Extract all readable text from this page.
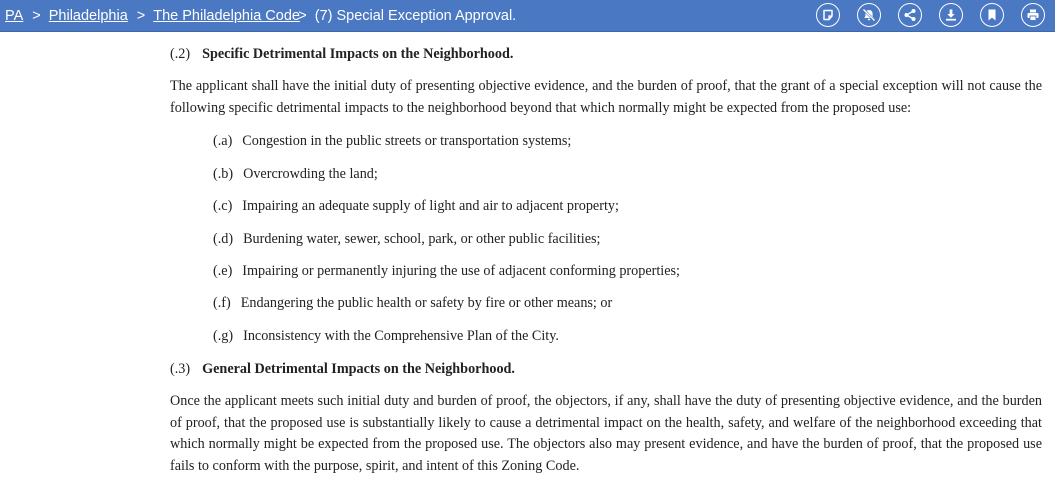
PA > Philadelphia > The Philadelphia Code
> (7) Special Exception Approval.
(.2) Specific Detrimental Impacts on the Neighborhood.

The applicant shall have the initial duty of presenting objective evidence, and the burden of proof, that the grant of a special exception will not cause the following specific detrimental impacts to the neighborhood beyond that which normally might be expected from the proposed use:

(.a) Congestion in the public streets or transportation systems;
(.b) Overcrowding the land;
(.c) Impairing an adequate supply of light and air to adjacent property;
(.d) Burdening water, sewer, school, park, or other public facilities;
(.e) Impairing or permanently injuring the use of adjacent conforming properties;
(.f) Endangering the public health or safety by fire or other means; or
(.g) Inconsistency with the Comprehensive Plan of the City.
(.3) General Detrimental Impacts on the Neighborhood.

Once the applicant meets such initial duty and burden of proof, the objectors, if any, shall have the duty of presenting objective evidence, and the burden of proof, that the proposed use is substantially likely to cause a detrimental impact on the health, safety, and welfare of the neighborhood exceeding that which normally might be expected from the proposed use. The objectors also may present evidence, and have the burden of proof, that the proposed use fails to conform with the purpose, spirit, and intent of this Zoning Code.
